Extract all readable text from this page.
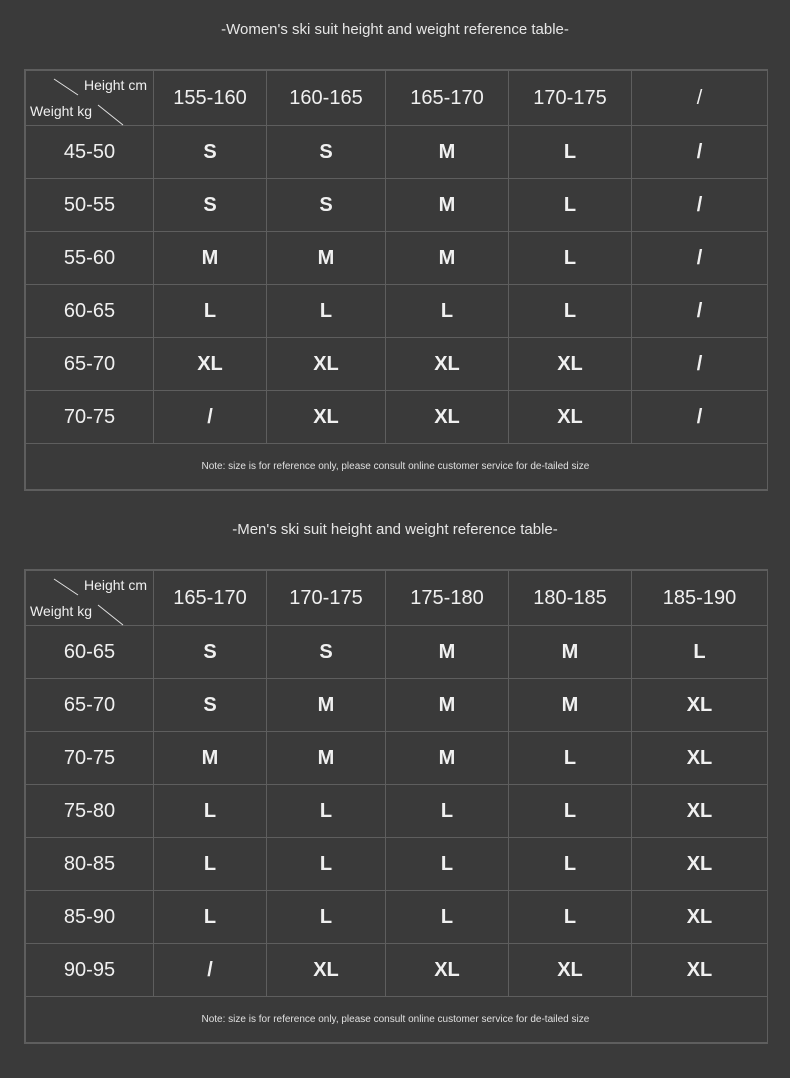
-Women's ski suit height and weight reference table-
Height cm
Weight kg	155-160	160-165	165-170	170-175	/
45-50	S	S	M	L	/
50-55	S	S	M	L	/
55-60	M	M	M	L	/
60-65	L	L	L	L	/
65-70	XL	XL	XL	XL	/
70-75	/	XL	XL	XL	/

Note: size is for reference only, please consult online customer service for de-tailed size					
-Men's ski suit height and weight reference table-
Height cm
Weight kg	165-170	170-175	175-180	180-185	185-190
60-65	S	S	M	M	L
65-70	S	M	M	M	XL
70-75	M	M	M	L	XL
75-80	L	L	L	L	XL
80-85	L	L	L	L	XL
85-90	L	L	L	L	XL
90-95	/	XL	XL	XL	XL

Note: size is for reference only, please consult online customer service for de-tailed size					
